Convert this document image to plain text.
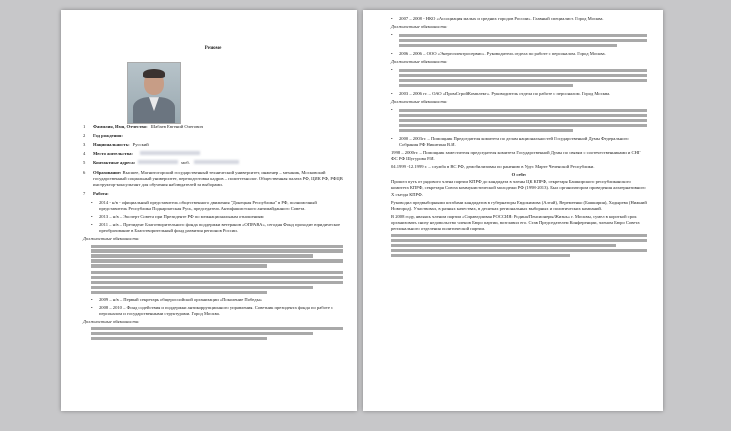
Резюме
1	Фамилия, Имя, Отчество: Шабаев Евгений Олегович
2	Год рождения:
3	Национальность: Русский
4	Место жительства:
5	Контактные адреса:	моб.
6	Образование: Высшее, Магнитогорский государственный технический университет, инженер – механик, Московский государственный социальный университет, переподготовка кадров – политтехнолог. Общественная палата РФ, ЦИК РФ, РФЦВ инструктор-консультант для обучения наблюдателей за выборами.
7	Работа:
•	2014 - н/в - официальный представитель общественного движения "Донецкая Республика" в РФ, полномочный представитель Республика Подкарпатская Русь, председатель Антифашистского антимайданного Совета.
•	2013 – н/в – Эксперт Совета при Президенте РФ по межнациональным отношениям
•	2011 – н/в – Президент Благотворительного фонда поддержки ветеранов «ОПРАВА», сегодня Фонд проходит юридическое преобразование в Благотворительный фонд развития регионов России.
Должностные обязанности:
•	2009 – н/в – Первый секретарь общероссийской организации «Поколение Победы»
•	2008 – 2010 – Фонд содействия и поддержки антикоррупционного управления. Советник президента фонда по работе с персоналом и государственными структурами. Город Москва.
Должностные обязанности:
•	2007 – 2008 - НКО «Ассоциация малых и средних городов России». Главный специалист. Город Москва.
Должностные обязанности:
•
•	2006 – 2006 – ООО «Энергоэлектросервис». Руководитель отдела по работе с персоналом. Город Москва.
Должностные обязанности:
•
•	2003 – 2006 гг. – ОАО «ПромСтройКомплект». Руководитель отдела по работе с персоналом. Город Москва.
Должностные обязанности:
•
•	2000 – 2003гг. – Помощник Председателя комитета по делам национальностей Государственной Думы Федерального Собрания РФ Никитина В.И.
1998 – 2000гг. – Помощник заместителя председателя комитета Государственной Думы по связям с соотечественниками и СНГ ФС РФ Шугурова Р.И.
04.1999 -12.1999 г. – служба в ВС РФ, демобилизован по ранению в Урус Марте Чеченской Республики.
О себе:
Прошел путь от рядового члена партии КПРФ до кандидата в члены ЦК КПРФ, секретаря Башкирского республиканского комитета КПРФ, секретаря Союза коммунистической молодежи РФ (1998-2013). Был организатором проведения альтернативного X съезда КПРФ.
Руководил предвыборными штабами кандидатов в губернаторы Евдокимова (Алтай), Веремеенко (Башкирия), Ходырева (Нижний Новгород). Участвовал, в разных качествах, в десятках региональных выборных и политических кампаний.
В 2008 году, являясь членом партии «Справедливая РОССИЯ: Родина/Пенсионеры/Жизнь» г. Москвы, сумел в короткой срок организовать снизу недовольство членов Бюро партии, возглавил его. Став Председателем Конференции, членом Бюро Совета регионального отделения политической партии.
